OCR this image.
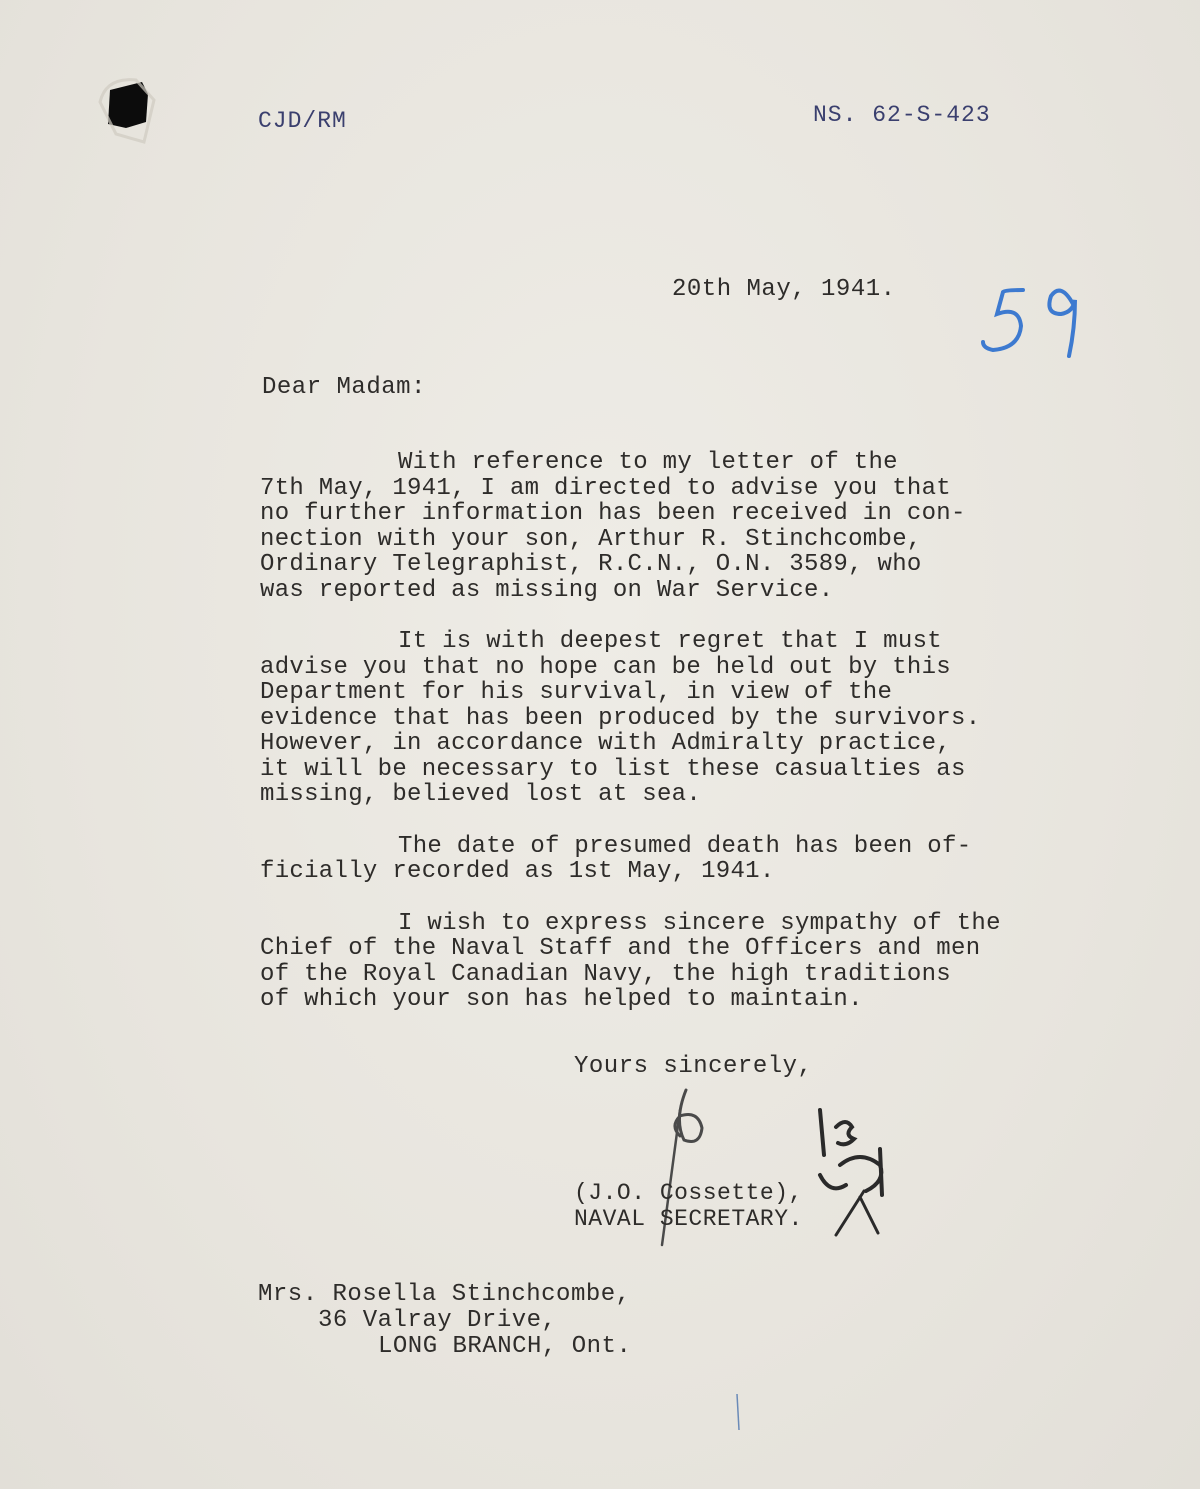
CJD/RM	NS. 62-S-423
20th May, 1941.
Dear Madam:
With reference to my letter of the
7th May, 1941, I am directed to advise you that
no further information has been received in con-
nection with your son, Arthur R. Stinchcombe,
Ordinary Telegraphist, R.C.N., O.N. 3589, who
was reported as missing on War Service.
It is with deepest regret that I must
advise you that no hope can be held out by this
Department for his survival, in view of the
evidence that has been produced by the survivors.
However, in accordance with Admiralty practice,
it will be necessary to list these casualties as
missing, believed lost at sea.
The date of presumed death has been of-
ficially recorded as 1st May, 1941.
I wish to express sincere sympathy of the
Chief of the Naval Staff and the Officers and men
of the Royal Canadian Navy, the high traditions
of which your son has helped to maintain.
Yours sincerely,
(J.O. Cossette),
NAVAL SECRETARY.
Mrs. Rosella Stinchcombe,
36 Valray Drive,
LONG BRANCH, Ont.
